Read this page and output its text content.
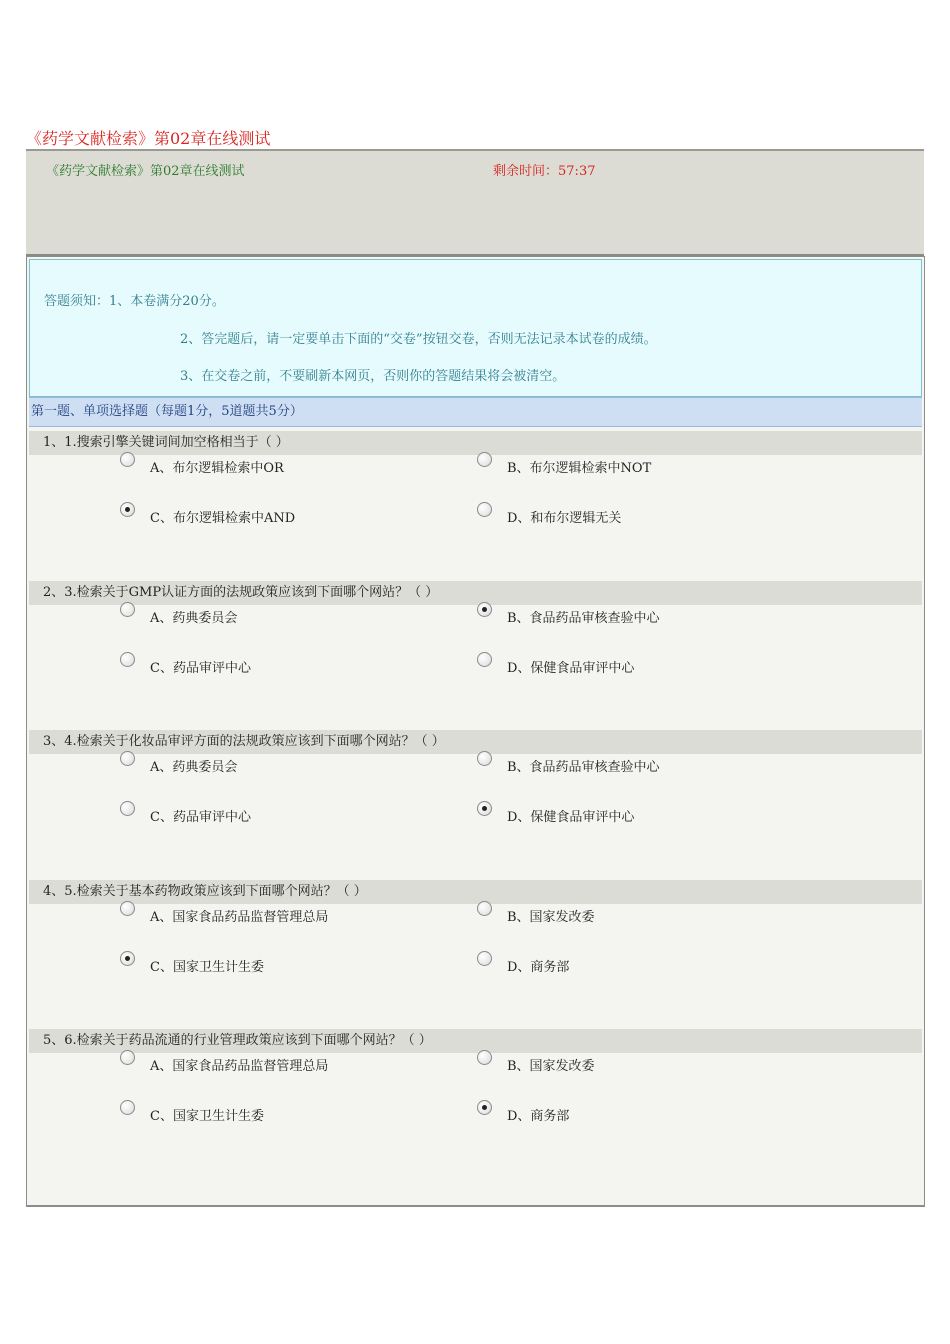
《药学文献检索》第02章在线测试
《药学文献检索》第02章在线测试	剩余时间：57:37
答题须知：1、本卷满分20分。
2、答完题后，请一定要单击下面的“交卷”按钮交卷，否则无法记录本试卷的成绩。
3、在交卷之前，不要刷新本网页，否则你的答题结果将会被清空。
第一题、单项选择题（每题1分，5道题共5分）
1、1.搜索引擎关键词间加空格相当于（ ）
A、布尔逻辑检索中OR	B、布尔逻辑检索中NOT
C、布尔逻辑检索中AND	D、和布尔逻辑无关
2、3.检索关于GMP认证方面的法规政策应该到下面哪个网站？（ ）
A、药典委员会	B、食品药品审核查验中心
C、药品审评中心	D、保健食品审评中心
3、4.检索关于化妆品审评方面的法规政策应该到下面哪个网站？（ ）
A、药典委员会	B、食品药品审核查验中心
C、药品审评中心	D、保健食品审评中心
4、5.检索关于基本药物政策应该到下面哪个网站？（ ）
A、国家食品药品监督管理总局	B、国家发改委
C、国家卫生计生委	D、商务部
5、6.检索关于药品流通的行业管理政策应该到下面哪个网站？（ ）
A、国家食品药品监督管理总局	B、国家发改委
C、国家卫生计生委	D、商务部
